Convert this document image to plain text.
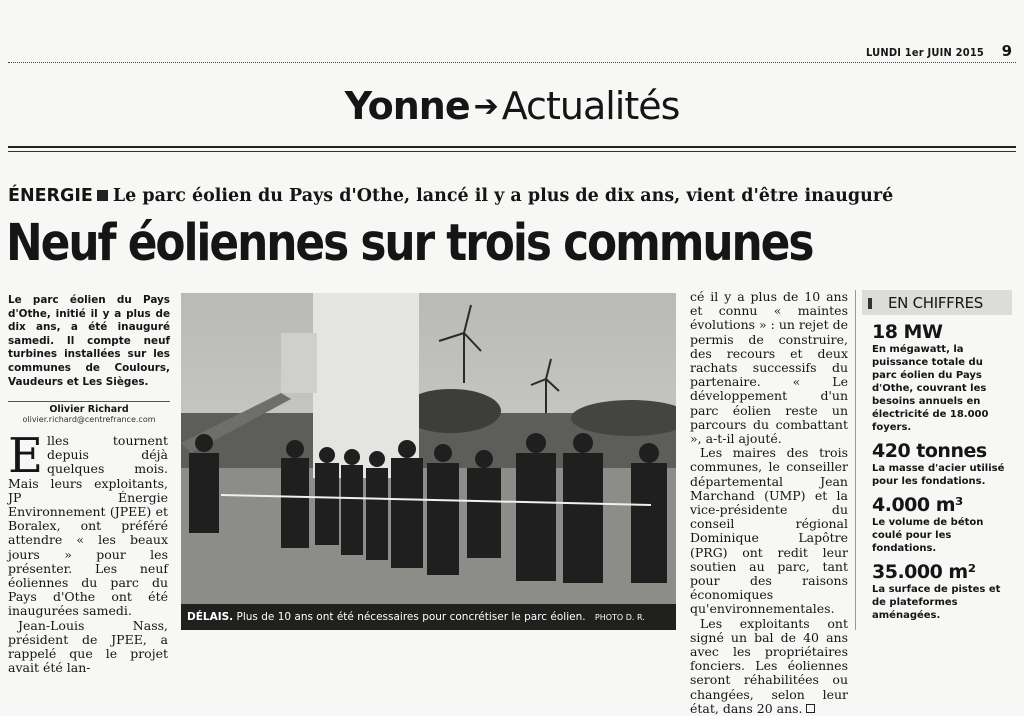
LUNDI 1er JUIN 2015 9
Yonne ➔ Actualités
ÉNERGIE Le parc éolien du Pays d'Othe, lancé il y a plus de dix ans, vient d'être inauguré
Neuf éoliennes sur trois communes
Le parc éolien du Pays d'Othe, initié il y a plus de dix ans, a été inauguré samedi. Il compte neuf turbines installées sur les communes de Coulours, Vaudeurs et Les Sièges.
Olivier Richard
olivier.richard@centrefrance.com

Elles tournent depuis déjà quelques mois. Mais leurs exploitants, JP Énergie Environnement (JPEE) et Boralex, ont préféré attendre « les beaux jours » pour les présenter. Les neuf éoliennes du parc du Pays d'Othe ont été inaugurées samedi.

Jean-Louis Nass, président de JPEE, a rappelé que le projet avait été lan-

DÉLAIS. Plus de 10 ans ont été nécessaires pour concrétiser le parc éolien. PHOTO D. R.

cé il y a plus de 10 ans et connu « maintes évolutions » : un rejet de permis de construire, des recours et deux rachats successifs du partenaire. « Le développement d'un parc éolien reste un parcours du combattant », a-t-il ajouté.

Les maires des trois communes, le conseiller départemental Jean Marchand (UMP) et la vice-présidente du conseil régional Dominique Lapôtre (PRG) ont redit leur soutien au parc, tant pour des raisons économiques qu'environnementales.

Les exploitants ont signé un bal de 40 ans avec les propriétaires fonciers. Les éoliennes seront réhabilitées ou changées, selon leur état, dans 20 ans.

EN CHIFFRES
18 MW
En mégawatt, la puissance totale du parc éolien du Pays d'Othe, couvrant les besoins annuels en électricité de 18.000 foyers.
420 tonnes
La masse d'acier utilisé pour les fondations.
4.000 m³
Le volume de béton coulé pour les fondations.
35.000 m²
La surface de pistes et de plateformes aménagées.
